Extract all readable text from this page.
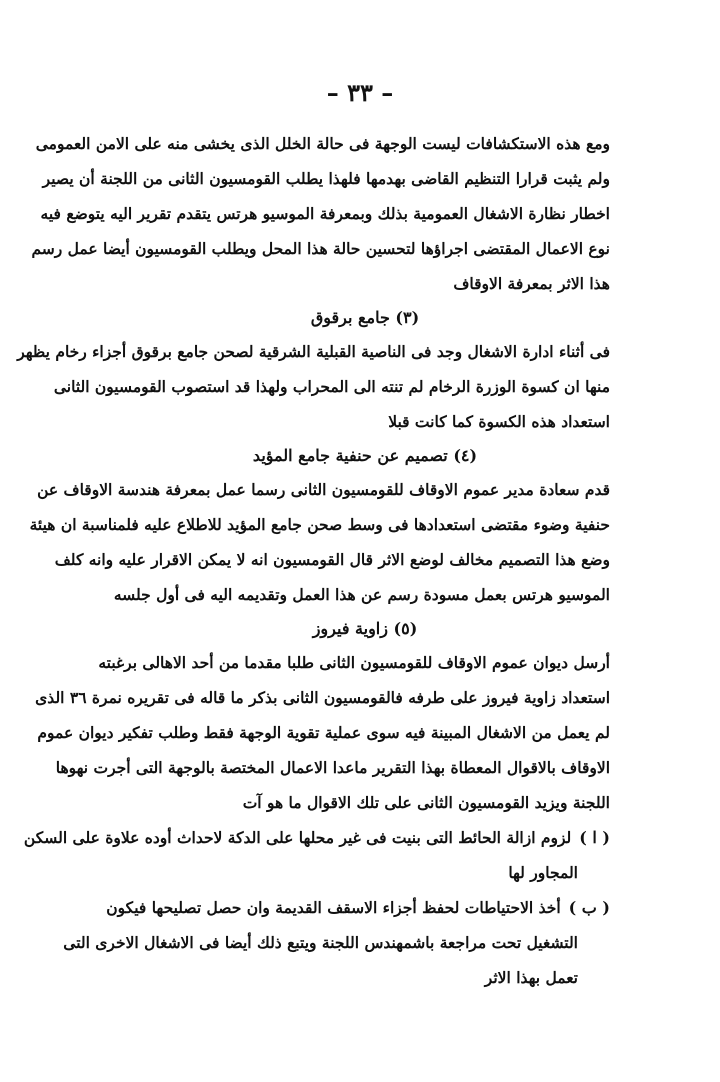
– ٣٣ –
ومع هذه الاستكشافات ليست الوجهة فى حالة الخلل الذى يخشى منه على الامن العمومى
ولم يثبت قرارا التنظيم القاضى بهدمها فلهذا يطلب القومسيون الثانى من اللجنة أن يصير
اخطار نظارة الاشغال العمومية بذلك وبمعرفة الموسيو هرتس يتقدم تقرير اليه يتوضع فيه
نوع الاعمال المقتضى اجراؤها لتحسين حالة هذا المحل ويطلب القومسيون أيضا عمل رسم
هذا الاثر بمعرفة الاوقاف
(٣) جامع برقوق
فى أثناء ادارة الاشغال وجد فى الناصية القبلية الشرقية لصحن جامع برقوق أجزاء رخام يظهر
منها ان كسوة الوزرة الرخام لم تنته الى المحراب ولهذا قد استصوب القومسيون الثانى
استعداد هذه الكسوة كما كانت قبلا
(٤) تصميم عن حنفية جامع المؤيد
قدم سعادة مدير عموم الاوقاف للقومسيون الثانى رسما عمل بمعرفة هندسة الاوقاف عن
حنفية وضوء مقتضى استعدادها فى وسط صحن جامع المؤيد للاطلاع عليه فلمناسبة ان هيئة
وضع هذا التصميم مخالف لوضع الاثر قال القومسيون انه لا يمكن الاقرار عليه وانه كلف
الموسيو هرتس بعمل مسودة رسم عن هذا العمل وتقديمه اليه فى أول جلسه
(٥) زاوية فيروز
أرسل ديوان عموم الاوقاف للقومسيون الثانى طلبا مقدما من أحد الاهالى برغبته
استعداد زاوية فيروز على طرفه فالقومسيون الثانى بذكر ما قاله فى تقريره نمرة ٣٦ الذى
لم يعمل من الاشغال المبينة فيه سوى عملية تقوية الوجهة فقط وطلب تفكير ديوان عموم
الاوقاف بالاقوال المعطاة بهذا التقرير ماعدا الاعمال المختصة بالوجهة التى أجرت نهوها
اللجنة ويزيد القومسيون الثانى على تلك الاقوال ما هو آت
( ا )
لزوم ازالة الحائط التى بنيت فى غير محلها على الدكة لاحداث أوده علاوة على السكن
المجاور لها
( ب )
أخذ الاحتياطات لحفظ أجزاء الاسقف القديمة وان حصل تصليحها فيكون
التشغيل تحت مراجعة باشمهندس اللجنة ويتبع ذلك أيضا فى الاشغال الاخرى التى
تعمل بهذا الاثر
